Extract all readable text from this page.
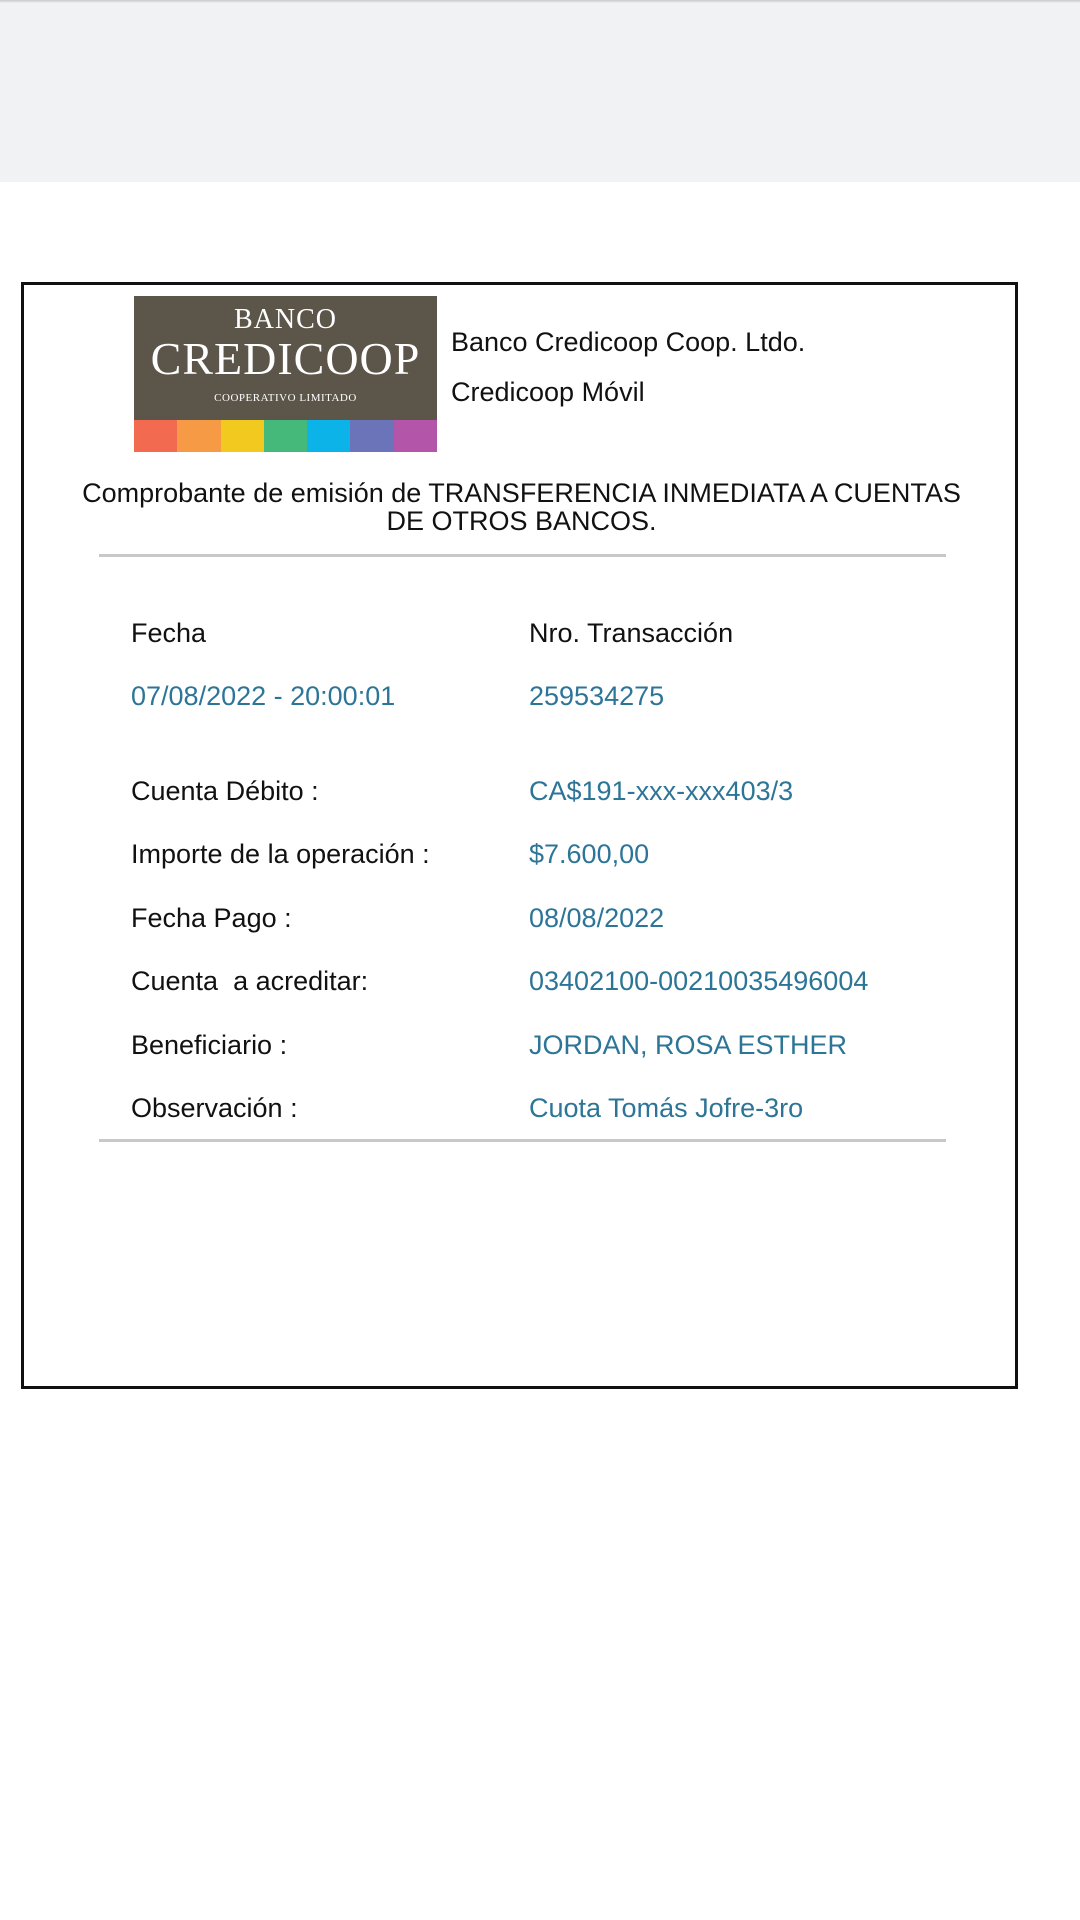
BANCO
CREDICOOP
COOPERATIVO LIMITADO
Banco Credicoop Coop. Ltdo.
Credicoop Móvil
Comprobante de emisión de TRANSFERENCIA INMEDIATA A CUENTAS
DE OTROS BANCOS.
Fecha	Nro. Transacción
07/08/2022 - 20:00:01	259534275
Cuenta Débito :	CA$191-xxx-xxx403/3
Importe de la operación :	$7.600,00
Fecha Pago :	08/08/2022
Cuenta  a acreditar:	03402100-00210035496004
Beneficiario :	JORDAN, ROSA ESTHER
Observación :	Cuota Tomás Jofre-3ro
